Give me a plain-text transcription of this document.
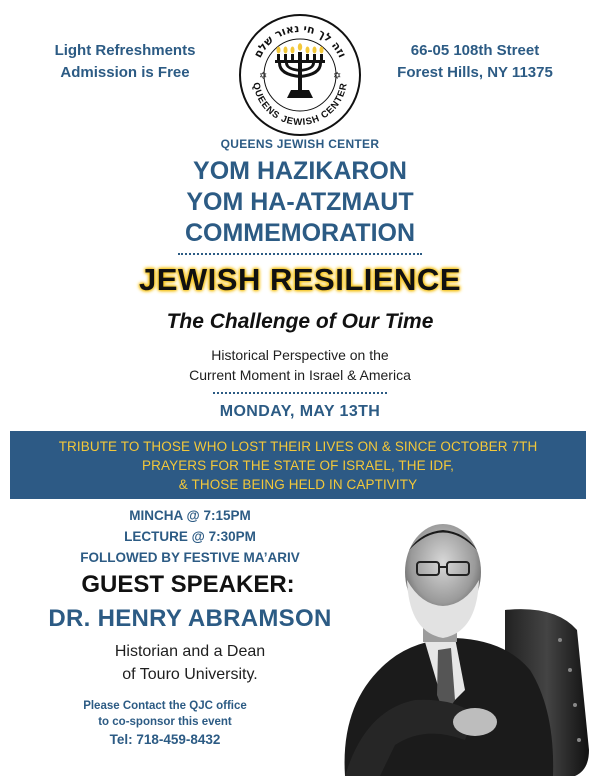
Light Refreshments
Admission is Free
וזה לך חי נאור שלם
QUEENS JEWISH CENTER
✡	✡
66-05 108th Street
Forest Hills, NY 11375
QUEENS JEWISH CENTER
YOM HAZIKARON
YOM HA-ATZMAUT
COMMEMORATION
JEWISH RESILIENCE
The Challenge of Our Time
Historical Perspective on the
Current Moment in Israel & America
MONDAY, MAY 13TH
TRIBUTE TO THOSE WHO LOST THEIR LIVES ON & SINCE OCTOBER 7TH
PRAYERS FOR THE STATE OF ISRAEL, THE IDF,
& THOSE BEING HELD IN CAPTIVITY
MINCHA @ 7:15PM
LECTURE @ 7:30PM
FOLLOWED BY FESTIVE MA’ARIV
GUEST SPEAKER:
DR. HENRY ABRAMSON
Historian and a Dean
of Touro University.
Please Contact the QJC office
to co-sponsor this event
Tel: 718-459-8432
